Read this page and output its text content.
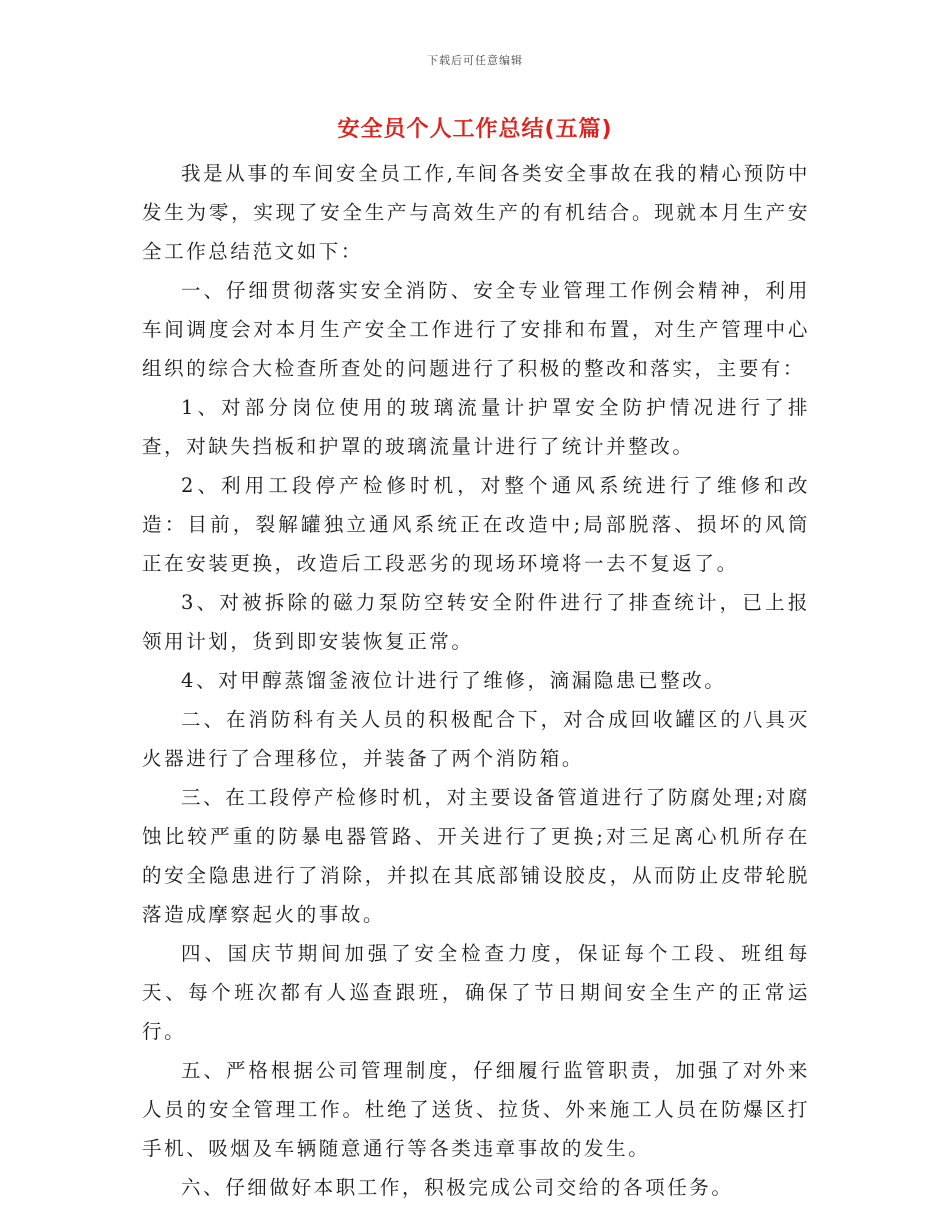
下载后可任意编辑
安全员个人工作总结(五篇)

我是从事的车间安全员工作,车间各类安全事故在我的精心预防中发生为零，实现了安全生产与高效生产的有机结合。现就本月生产安全工作总结范文如下：

一、仔细贯彻落实安全消防、安全专业管理工作例会精神，利用车间调度会对本月生产安全工作进行了安排和布置，对生产管理中心组织的综合大检查所查处的问题进行了积极的整改和落实，主要有：

1、对部分岗位使用的玻璃流量计护罩安全防护情况进行了排查，对缺失挡板和护罩的玻璃流量计进行了统计并整改。

2、利用工段停产检修时机，对整个通风系统进行了维修和改造：目前，裂解罐独立通风系统正在改造中;局部脱落、损坏的风筒正在安装更换，改造后工段恶劣的现场环境将一去不复返了。

3、对被拆除的磁力泵防空转安全附件进行了排查统计，已上报领用计划，货到即安装恢复正常。

4、对甲醇蒸馏釜液位计进行了维修，滴漏隐患已整改。

二、在消防科有关人员的积极配合下，对合成回收罐区的八具灭火器进行了合理移位，并装备了两个消防箱。

三、在工段停产检修时机，对主要设备管道进行了防腐处理;对腐蚀比较严重的防暴电器管路、开关进行了更换;对三足离心机所存在的安全隐患进行了消除，并拟在其底部铺设胶皮，从而防止皮带轮脱落造成摩察起火的事故。

四、国庆节期间加强了安全检查力度，保证每个工段、班组每天、每个班次都有人巡查跟班，确保了节日期间安全生产的正常运行。

五、严格根据公司管理制度，仔细履行监管职责，加强了对外来人员的安全管理工作。杜绝了送货、拉货、外来施工人员在防爆区打手机、吸烟及车辆随意通行等各类违章事故的发生。

六、仔细做好本职工作，积极完成公司交给的各项任务。
